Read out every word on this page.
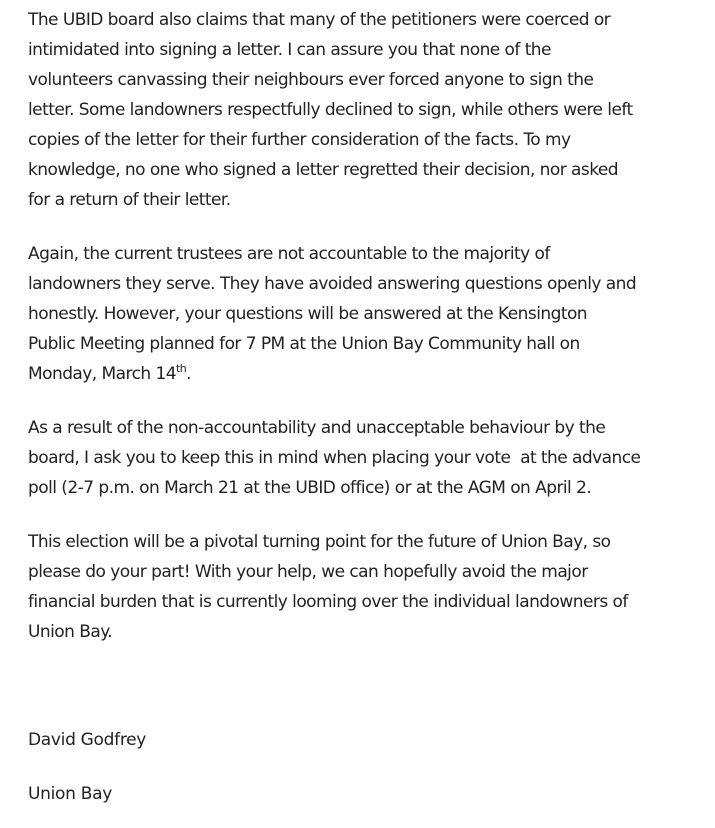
The UBID board also claims that many of the petitioners were coerced or
intimidated into signing a letter. I can assure you that none of the
volunteers canvassing their neighbours ever forced anyone to sign the
letter. Some landowners respectfully declined to sign, while others were left
copies of the letter for their further consideration of the facts. To my
knowledge, no one who signed a letter regretted their decision, nor asked
for a return of their letter.

Again, the current trustees are not accountable to the majority of
landowners they serve. They have avoided answering questions openly and
honestly. However, your questions will be answered at the Kensington
Public Meeting planned for 7 PM at the Union Bay Community hall on
Monday, March 14th.

As a result of the non-accountability and unacceptable behaviour by the
board, I ask you to keep this in mind when placing your vote  at the advance
poll (2-7 p.m. on March 21 at the UBID office) or at the AGM on April 2.

This election will be a pivotal turning point for the future of Union Bay, so
please do your part! With your help, we can hopefully avoid the major
financial burden that is currently looming over the individual landowners of
Union Bay.

David Godfrey

Union Bay
